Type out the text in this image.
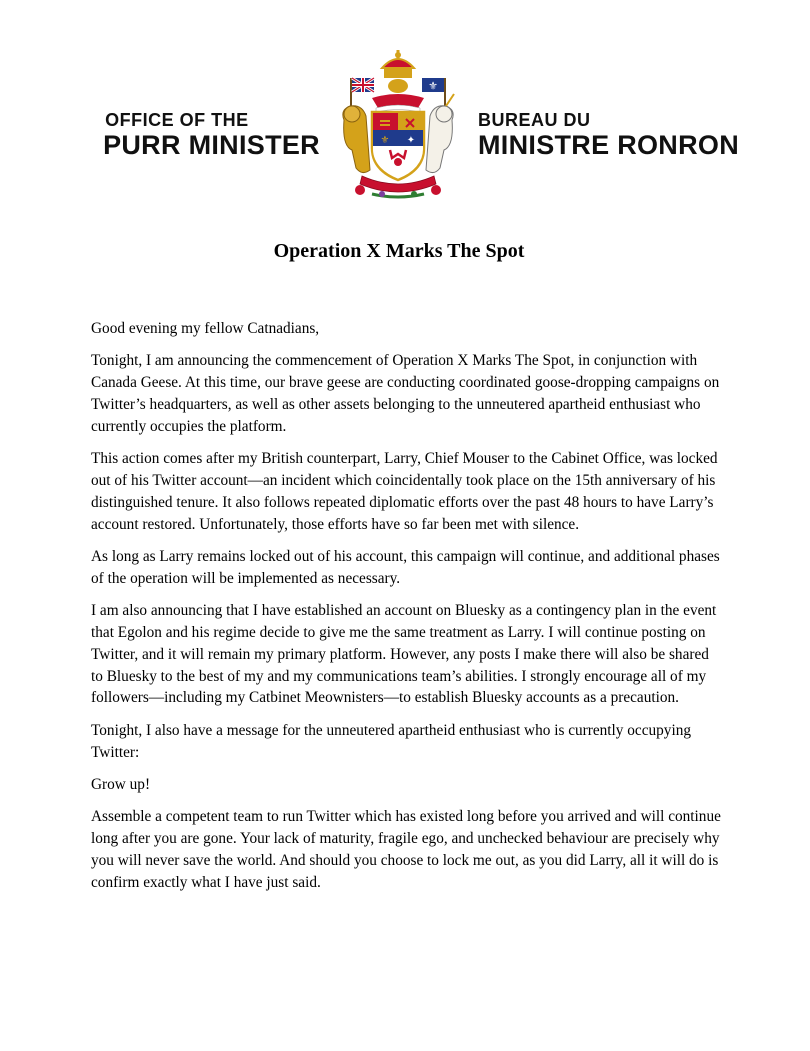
OFFICE OF THE
PURR MINISTER
⚜
⚜ ✦
BUREAU DU
MINISTRE RONRON
Operation X Marks The Spot

Good evening my fellow Catnadians,

Tonight, I am announcing the commencement of Operation X Marks The Spot, in conjunction with Canada Geese. At this time, our brave geese are conducting coordinated goose-dropping campaigns on Twitter’s headquarters, as well as other assets belonging to the unneutered apartheid enthusiast who currently occupies the platform.

This action comes after my British counterpart, Larry, Chief Mouser to the Cabinet Office, was locked out of his Twitter account—an incident which coincidentally took place on the 15th anniversary of his distinguished tenure. It also follows repeated diplomatic efforts over the past 48 hours to have Larry’s account restored. Unfortunately, those efforts have so far been met with silence.

As long as Larry remains locked out of his account, this campaign will continue, and additional phases of the operation will be implemented as necessary.

I am also announcing that I have established an account on Bluesky as a contingency plan in the event that Egolon and his regime decide to give me the same treatment as Larry. I will continue posting on Twitter, and it will remain my primary platform. However, any posts I make there will also be shared to Bluesky to the best of my and my communications team’s abilities. I strongly encourage all of my followers—including my Catbinet Meownisters—to establish Bluesky accounts as a precaution.

Tonight, I also have a message for the unneutered apartheid enthusiast who is currently occupying Twitter:

Grow up!

Assemble a competent team to run Twitter which has existed long before you arrived and will continue long after you are gone. Your lack of maturity, fragile ego, and unchecked behaviour are precisely why you will never save the world. And should you choose to lock me out, as you did Larry, all it will do is confirm exactly what I have just said.
